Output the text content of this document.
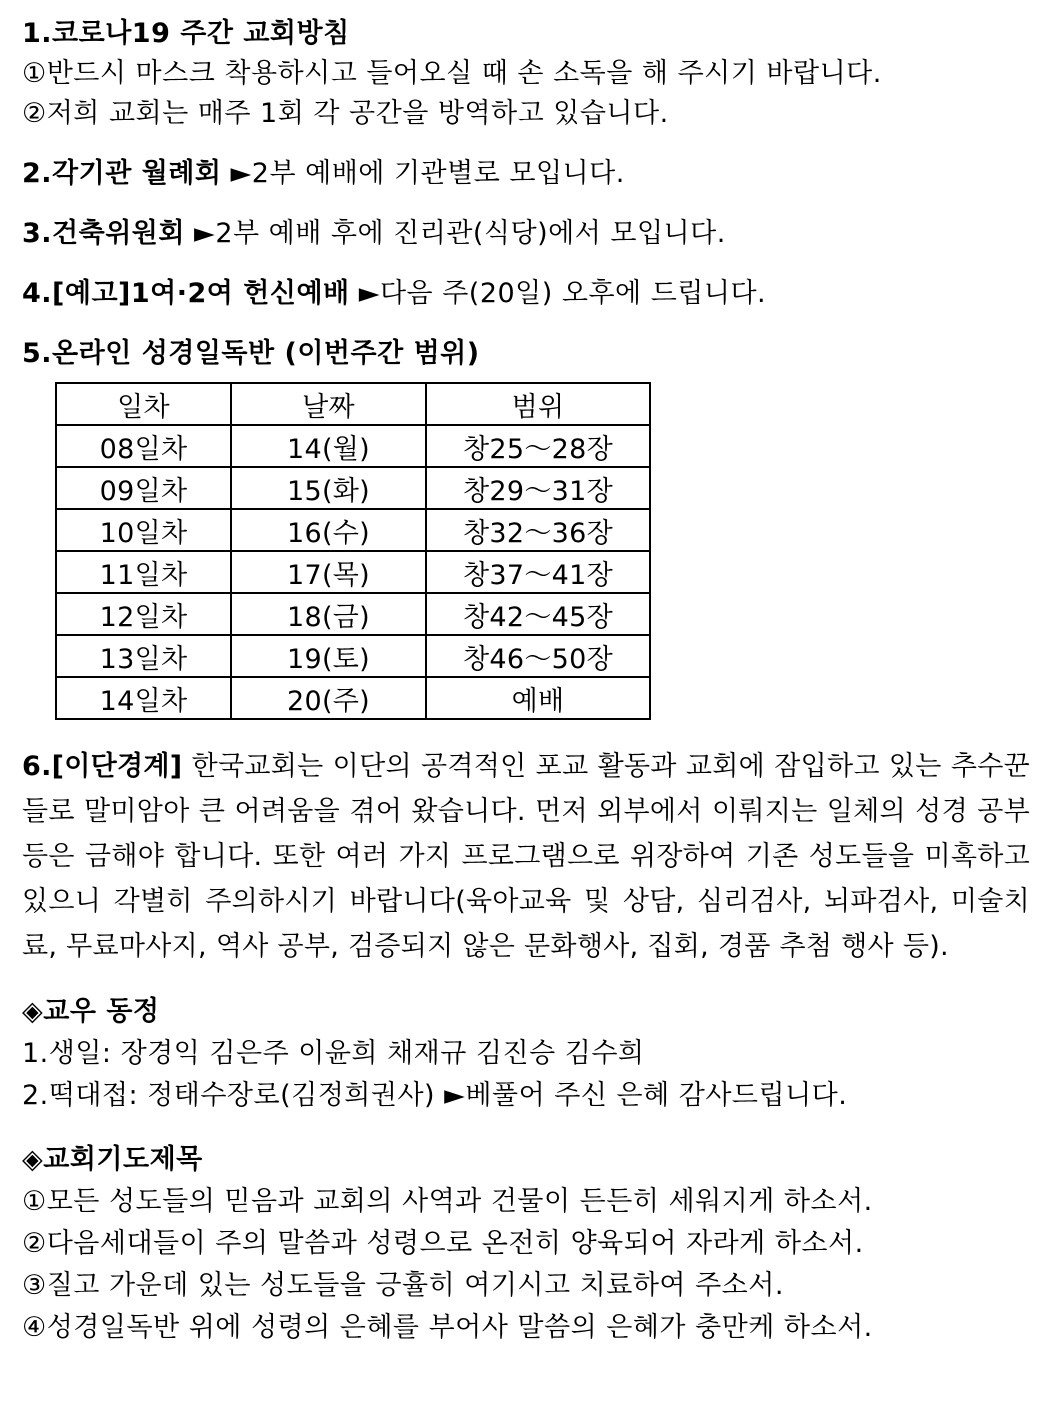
1.코로나19 주간 교회방침
①반드시 마스크 착용하시고 들어오실 때 손 소독을 해 주시기 바랍니다.
②저희 교회는 매주 1회 각 공간을 방역하고 있습니다.
2.각기관 월례회 ►2부 예배에 기관별로 모입니다.
3.건축위원회 ►2부 예배 후에 진리관(식당)에서 모입니다.
4.[예고]1여·2여 헌신예배 ►다음 주(20일) 오후에 드립니다.
5.온라인 성경일독반 (이번주간 범위)
일차	날짜	범위
08일차	14(월)	창25～28장
09일차	15(화)	창29～31장
10일차	16(수)	창32～36장
11일차	17(목)	창37～41장
12일차	18(금)	창42～45장
13일차	19(토)	창46～50장
14일차	20(주)	예배
6.[이단경계] 한국교회는 이단의 공격적인 포교 활동과 교회에 잠입하고 있는 추수꾼들로 말미암아 큰 어려움을 겪어 왔습니다. 먼저 외부에서 이뤄지는 일체의 성경 공부 등은 금해야 합니다. 또한 여러 가지 프로그램으로 위장하여 기존 성도들을 미혹하고 있으니 각별히 주의하시기 바랍니다(육아교육 및 상담, 심리검사, 뇌파검사, 미술치료, 무료마사지, 역사 공부, 검증되지 않은 문화행사, 집회, 경품 추첨 행사 등).
◈교우 동정
1.생일: 장경익 김은주 이윤희 채재규 김진승 김수희
2.떡대접: 정태수장로(김정희권사) ►베풀어 주신 은혜 감사드립니다.
◈교회기도제목
①모든 성도들의 믿음과 교회의 사역과 건물이 든든히 세워지게 하소서.
②다음세대들이 주의 말씀과 성령으로 온전히 양육되어 자라게 하소서.
③질고 가운데 있는 성도들을 긍휼히 여기시고 치료하여 주소서.
④성경일독반 위에 성령의 은혜를 부어사 말씀의 은혜가 충만케 하소서.
